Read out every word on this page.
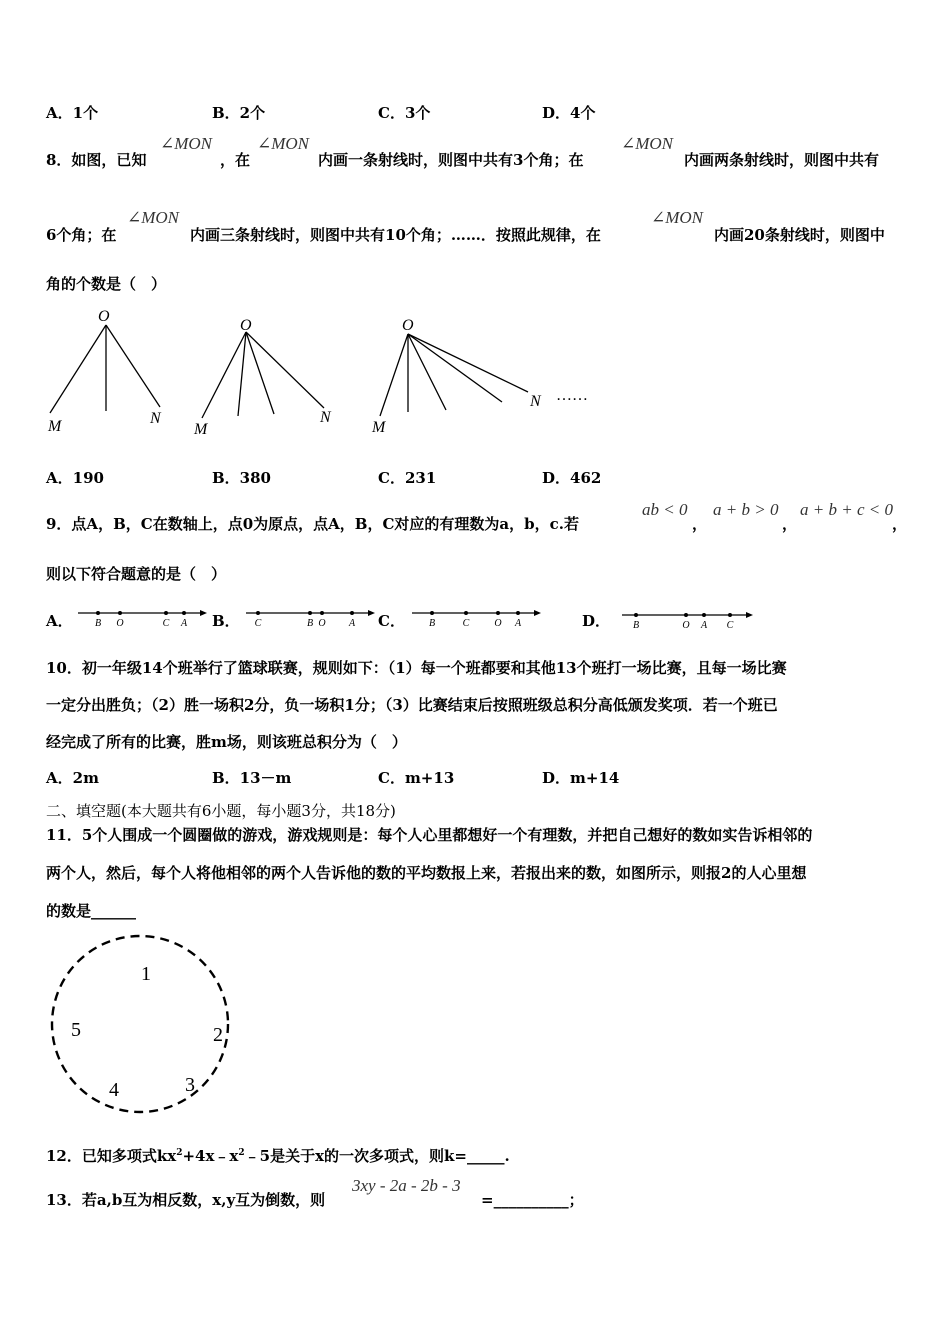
A．1个	B．2个	C．3个	D．4个
8．如图，已知
∠MON
，在
∠MON
内画一条射线时，则图中共有3个角；在
∠MON
内画两条射线时，则图中共有
6个角；在
∠MON
内画三条射线时，则图中共有10个角；……．按照此规律，在
∠MON
内画20条射线时，则图中
角的个数是（　）
O
M	N
O
M
N
O
M
N ……
A．190	B．380	C．231	D．462
9．点A，B，C在数轴上，点0为原点，点A，B，C对应的有理数为a，b，c.若
ab < 0
，
a + b > 0
，
a + b + c < 0
，
则以下符合题意的是（　）
A． B O	C A B． C	B O A C． B	C	O A	D． B	O A C
10．初一年级14个班举行了篮球联赛，规则如下：（1）每一个班都要和其他13个班打一场比赛，且每一场比赛
一定分出胜负；（2）胜一场积2分，负一场积1分；（3）比赛结束后按照班级总积分高低颁发奖项．若一个班已
经完成了所有的比赛，胜m场，则该班总积分为（　）
A．2m	B．13－m	C．m+13	D．m+14
二、填空题(本大题共有6小题，每小题3分，共18分)
11．5个人围成一个圆圈做的游戏，游戏规则是：每个人心里都想好一个有理数，并把自己想好的数如实告诉相邻的
两个人，然后，每个人将他相邻的两个人告诉他的数的平均数报上来，若报出来的数，如图所示，则报2的人心里想
的数是______
1
2
3
4
5
12．已知多项式$kx^2+4x﹣x^2﹣5$是关于x的一次多项式，则k=_____.
13．若a,b互为相反数，x,y互为倒数，则
3xy - 2a - 2b - 3
=__________；
